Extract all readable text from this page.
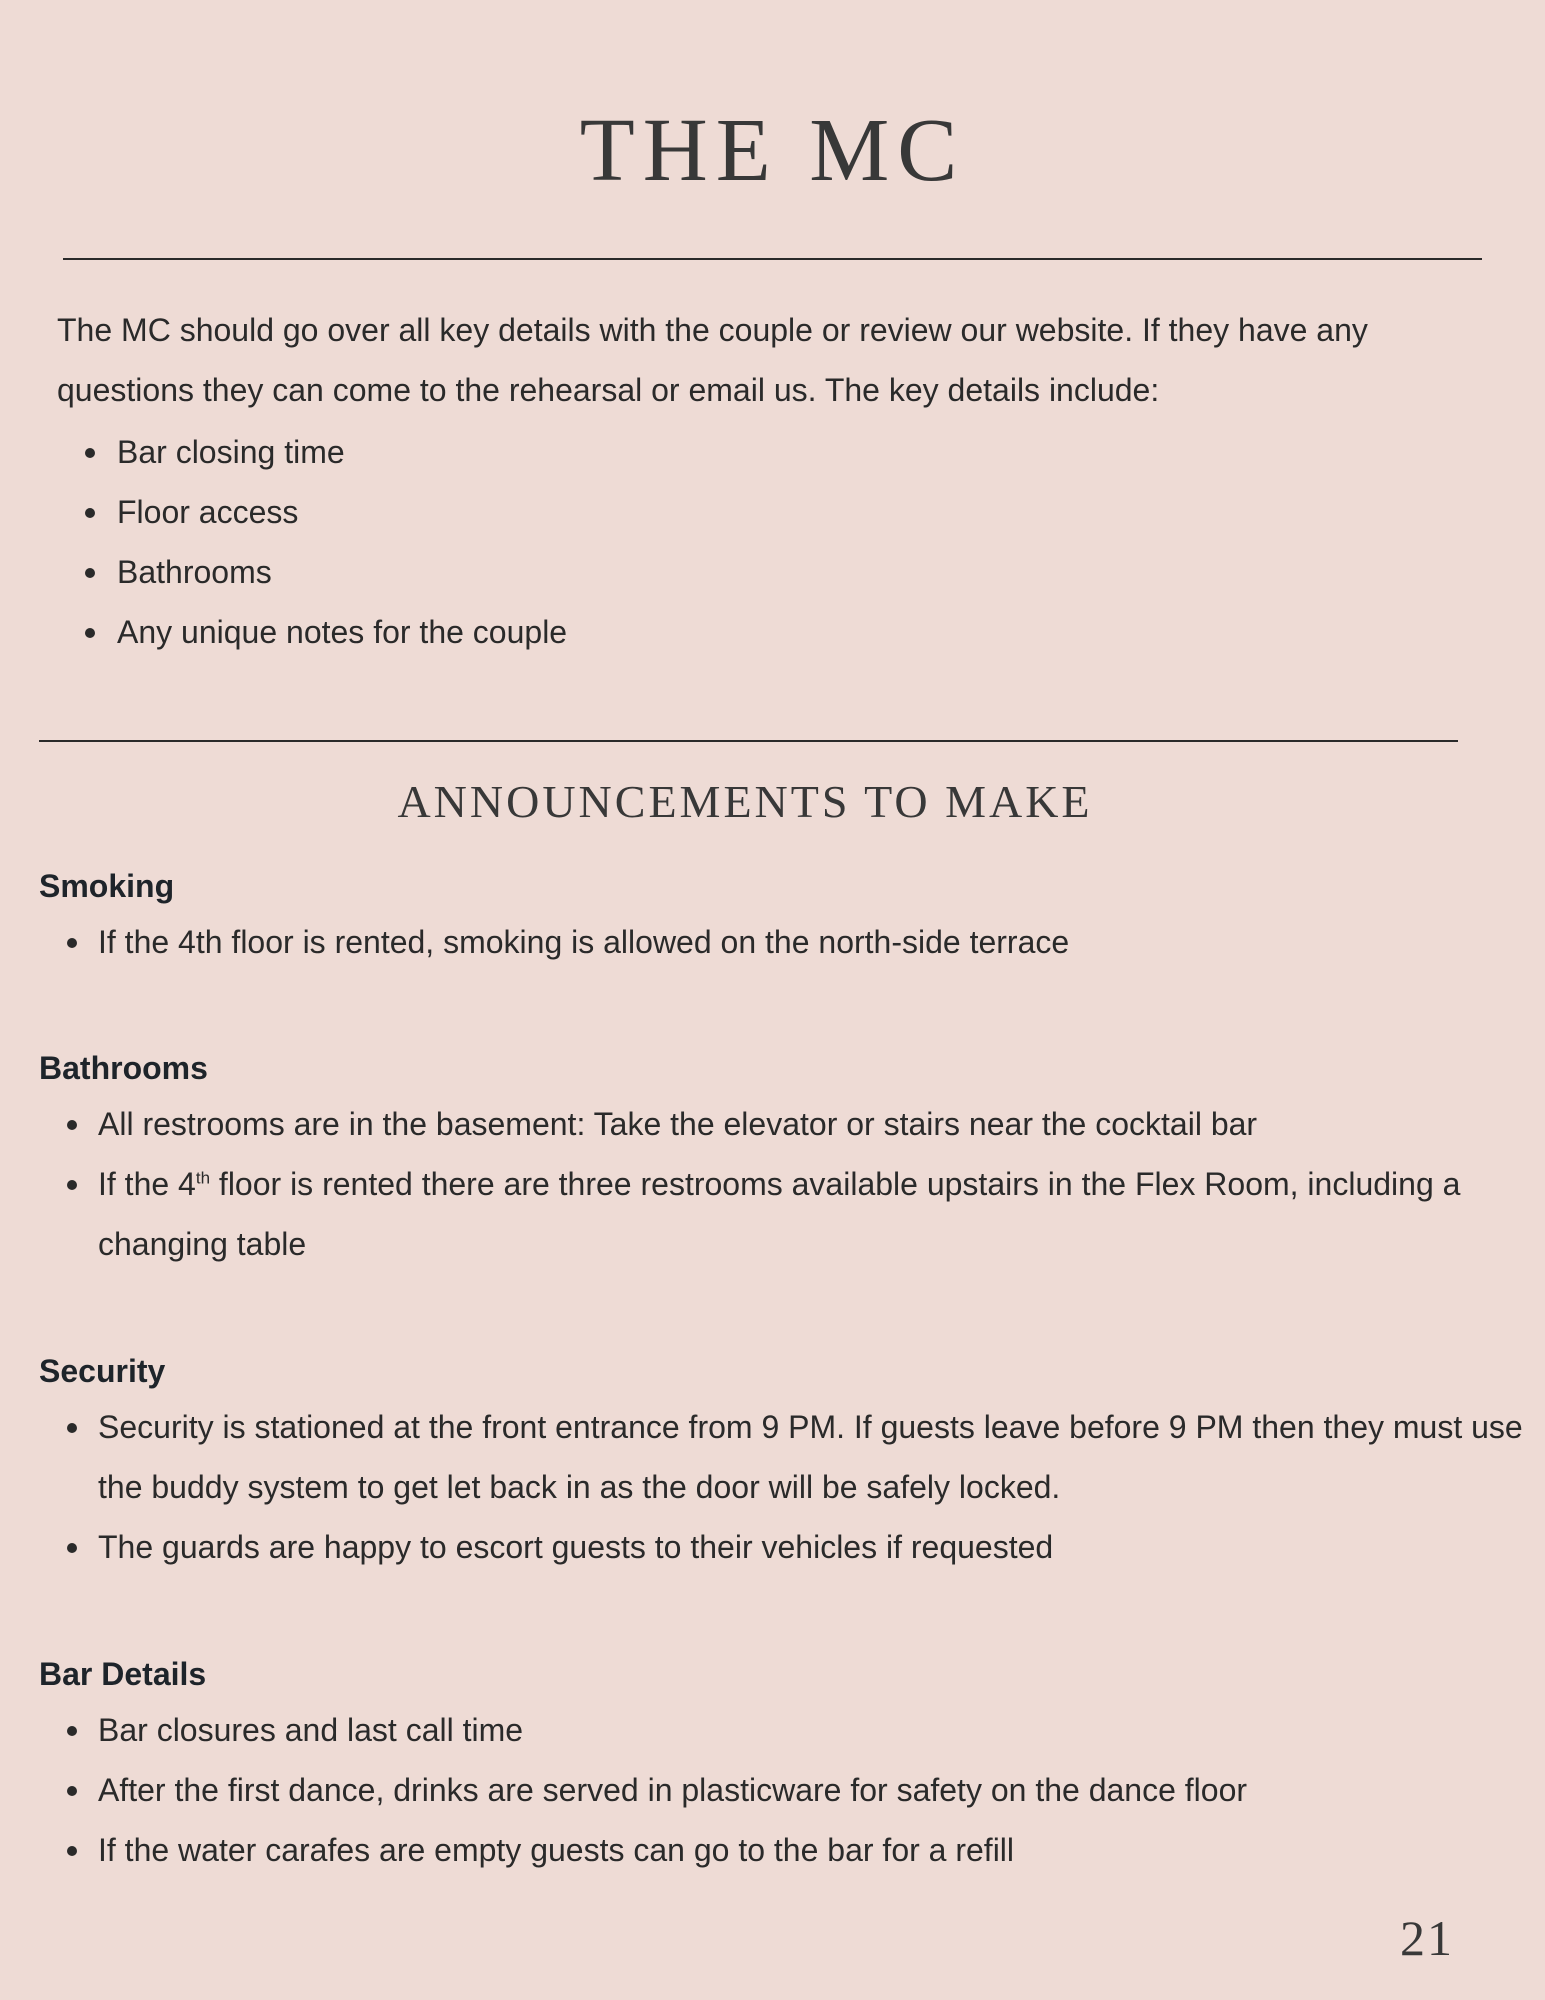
THE MC

The MC should go over all key details with the couple or review our website. If they have any questions they can come to the rehearsal or email us. The key details include:

Bar closing time
Floor access
Bathrooms
Any unique notes for the couple
ANNOUNCEMENTS TO MAKE

Smoking

If the 4th floor is rented, smoking is allowed on the north-side terrace

Bathrooms

All restrooms are in the basement: Take the elevator or stairs near the cocktail bar
If the 4th floor is rented there are three restrooms available upstairs in the Flex Room, including a changing table

Security

Security is stationed at the front entrance from 9 PM. If guests leave before 9 PM then they must use the buddy system to get let back in as the door will be safely locked.
The guards are happy to escort guests to their vehicles if requested

Bar Details

Bar closures and last call time
After the first dance, drinks are served in plasticware for safety on the dance floor
If the water carafes are empty guests can go to the bar for a refill

21
